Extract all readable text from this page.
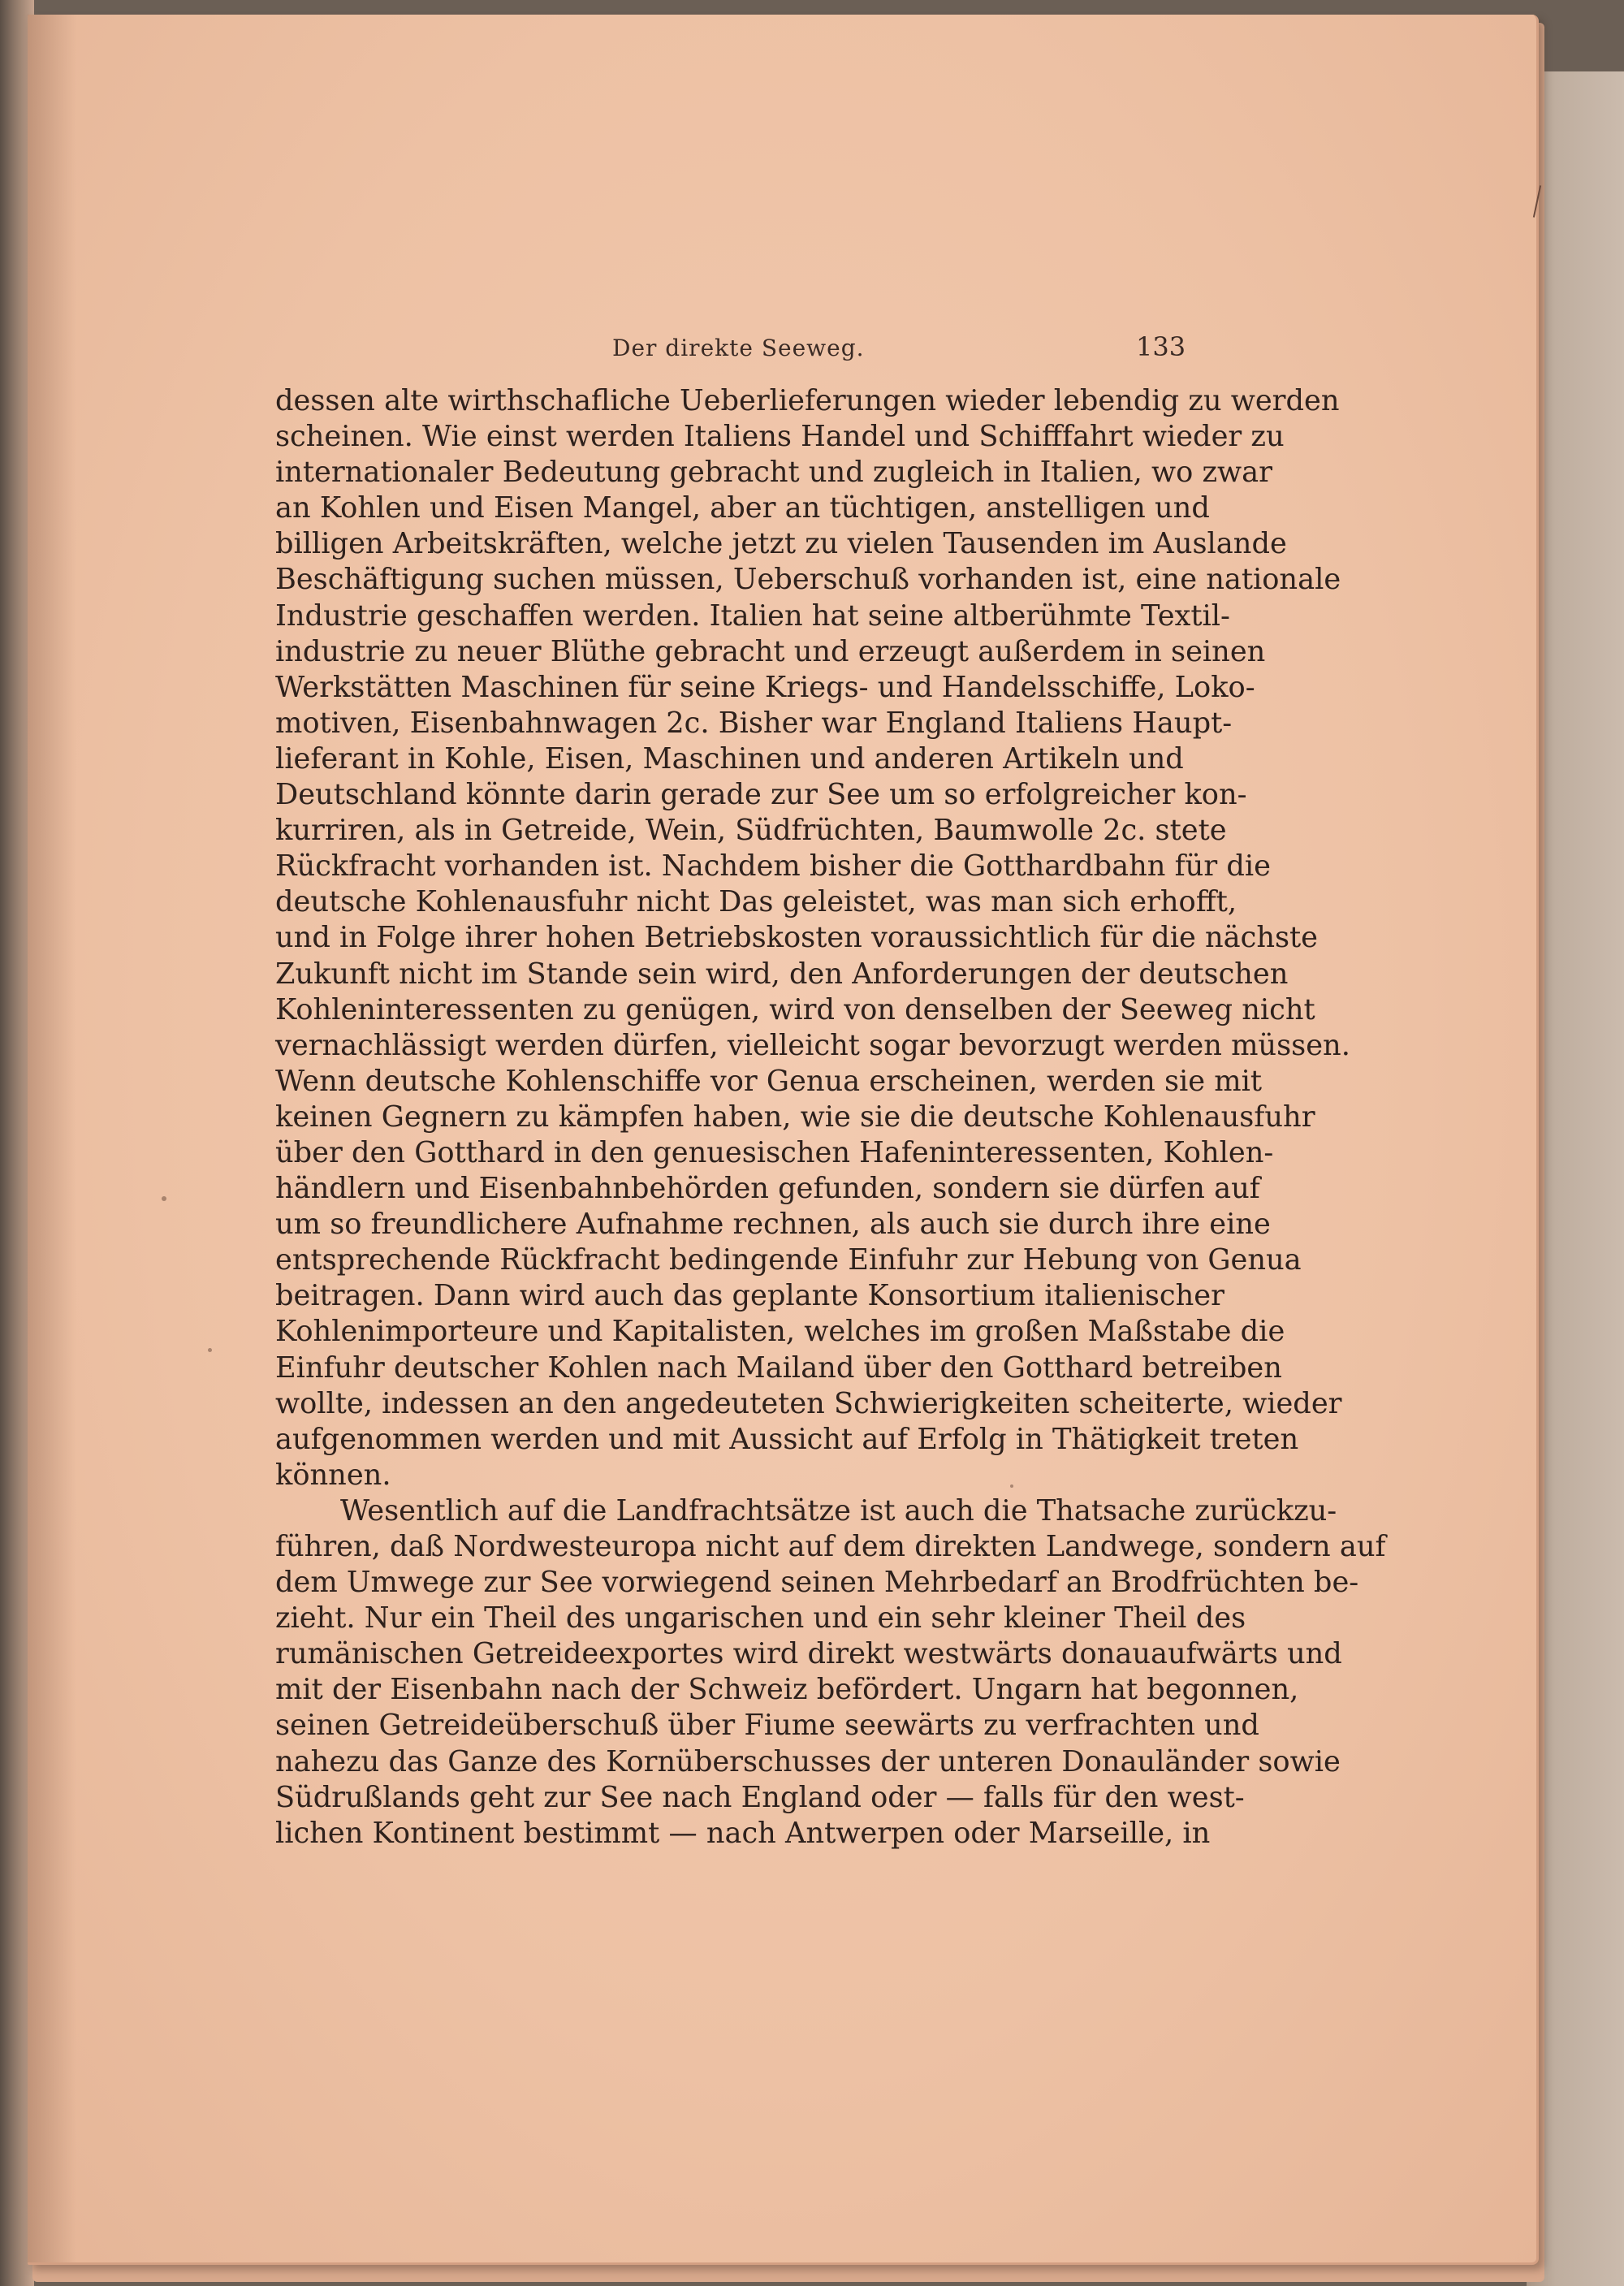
Der direkte Seeweg.	133
dessen alte wirthschafliche Ueberlieferungen wieder lebendig zu werden
scheinen. Wie einst werden Italiens Handel und Schifffahrt wieder zu
internationaler Bedeutung gebracht und zugleich in Italien, wo zwar
an Kohlen und Eisen Mangel, aber an tüchtigen, anstelligen und
billigen Arbeitskräften, welche jetzt zu vielen Tausenden im Auslande
Beschäftigung suchen müssen, Ueberschuß vorhanden ist, eine nationale
Industrie geschaffen werden. Italien hat seine altberühmte Textil-
industrie zu neuer Blüthe gebracht und erzeugt außerdem in seinen
Werkstätten Maschinen für seine Kriegs- und Handelsschiffe, Loko-
motiven, Eisenbahnwagen 2c. Bisher war England Italiens Haupt-
lieferant in Kohle, Eisen, Maschinen und anderen Artikeln und
Deutschland könnte darin gerade zur See um so erfolgreicher kon-
kurriren, als in Getreide, Wein, Südfrüchten, Baumwolle 2c. stete
Rückfracht vorhanden ist. Nachdem bisher die Gotthardbahn für die
deutsche Kohlenausfuhr nicht Das geleistet, was man sich erhofft,
und in Folge ihrer hohen Betriebskosten voraussichtlich für die nächste
Zukunft nicht im Stande sein wird, den Anforderungen der deutschen
Kohleninteressenten zu genügen, wird von denselben der Seeweg nicht
vernachlässigt werden dürfen, vielleicht sogar bevorzugt werden müssen.
Wenn deutsche Kohlenschiffe vor Genua erscheinen, werden sie mit
keinen Gegnern zu kämpfen haben, wie sie die deutsche Kohlenausfuhr
über den Gotthard in den genuesischen Hafeninteressenten, Kohlen-
händlern und Eisenbahnbehörden gefunden, sondern sie dürfen auf
um so freundlichere Aufnahme rechnen, als auch sie durch ihre eine
entsprechende Rückfracht bedingende Einfuhr zur Hebung von Genua
beitragen. Dann wird auch das geplante Konsortium italienischer
Kohlenimporteure und Kapitalisten, welches im großen Maßstabe die
Einfuhr deutscher Kohlen nach Mailand über den Gotthard betreiben
wollte, indessen an den angedeuteten Schwierigkeiten scheiterte, wieder
aufgenommen werden und mit Aussicht auf Erfolg in Thätigkeit treten
können.
Wesentlich auf die Landfrachtsätze ist auch die Thatsache zurückzu-
führen, daß Nordwesteuropa nicht auf dem direkten Landwege, sondern auf
dem Umwege zur See vorwiegend seinen Mehrbedarf an Brodfrüchten be-
zieht. Nur ein Theil des ungarischen und ein sehr kleiner Theil des
rumänischen Getreideexportes wird direkt westwärts donauaufwärts und
mit der Eisenbahn nach der Schweiz befördert. Ungarn hat begonnen,
seinen Getreideüberschuß über Fiume seewärts zu verfrachten und
nahezu das Ganze des Kornüberschusses der unteren Donauländer sowie
Südrußlands geht zur See nach England oder — falls für den west-
lichen Kontinent bestimmt — nach Antwerpen oder Marseille, in
